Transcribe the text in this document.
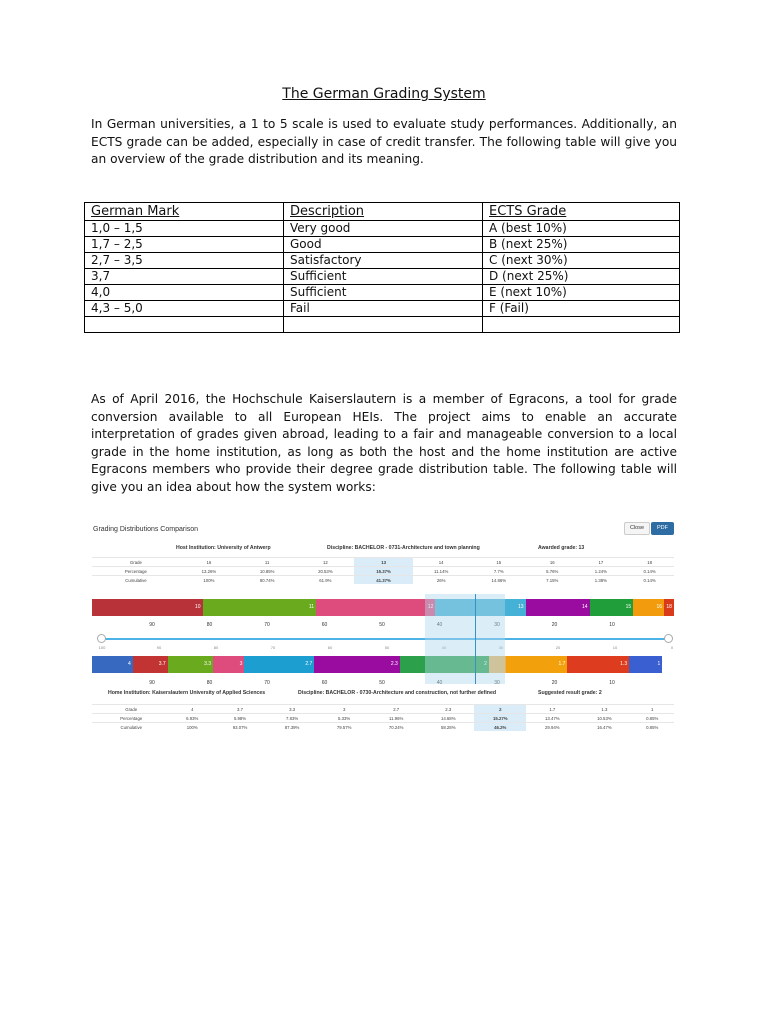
The German Grading System

In German universities, a 1 to 5 scale is used to evaluate study performances. Additionally, an ECTS grade can be added, especially in case of credit transfer. The following table will give you an overview of the grade distribution and its meaning.

German Mark	Description	ECTS Grade
1,0 – 1,5	Very good	A (best 10%)
1,7 – 2,5	Good	B (next 25%)
2,7 – 3,5	Satisfactory	C (next 30%)
3,7	Sufficient	D (next 25%)
4,0	Sufficient	E (next 10%)
4,3 – 5,0	Fail	F (Fail)

As of April 2016, the Hochschule Kaiserslautern is a member of Egracons, a tool for grade conversion available to all European HEIs. The project aims to enable an accurate interpretation of grades given abroad, leading to a fair and manageable conversion to a local grade in the home institution, as long as both the host and the home institution are active Egracons members who provide their degree grade distribution table. The following table will give you an idea about how the system works:

Grading Distributions Comparison	Close	PDF
Host Institution: University of Antwerp	Discipline: BACHELOR - 0731-Architecture and town planning	Awarded grade: 13
Grade	16	11	12	13	14	15	16	17	18
Percentage	13.26%	10.85%	20.53%	15.37%	11.14%	7.7%	5.76%	1.24%	0.14%
Cumulative	100%	80.74%	61.9%	41.37%	26%	14.86%	7.15%	1.38%	0.14%
10	11	12	13	14	15	16 18
90	80	70	60	50	40	30	20	10
100	90	80	70	60	50	40	30	20	10	0
4	3.7	3.3	3	2.7	2.3	2	1.7	1.3	1
90	80	70	60	50	40	30	20	10
Home Institution: Kaiserslautern University of Applied Sciences	Discipline: BACHELOR - 0730-Architecture and construction, not further defined	Suggested result grade: 2
Grade	4	3.7	3.3	3	2.7	2.3	2	1.7	1.3	1
Percentage	6.93%	5.98%	7.83%	5.33%	11.96%	14.68%	15.27%	13.47%	10.53%	0.85%
Cumulative	100%	93.07%	87.39%	79.57%	70.24%	58.28%	46.2%	29.94%	16.47%	0.85%
